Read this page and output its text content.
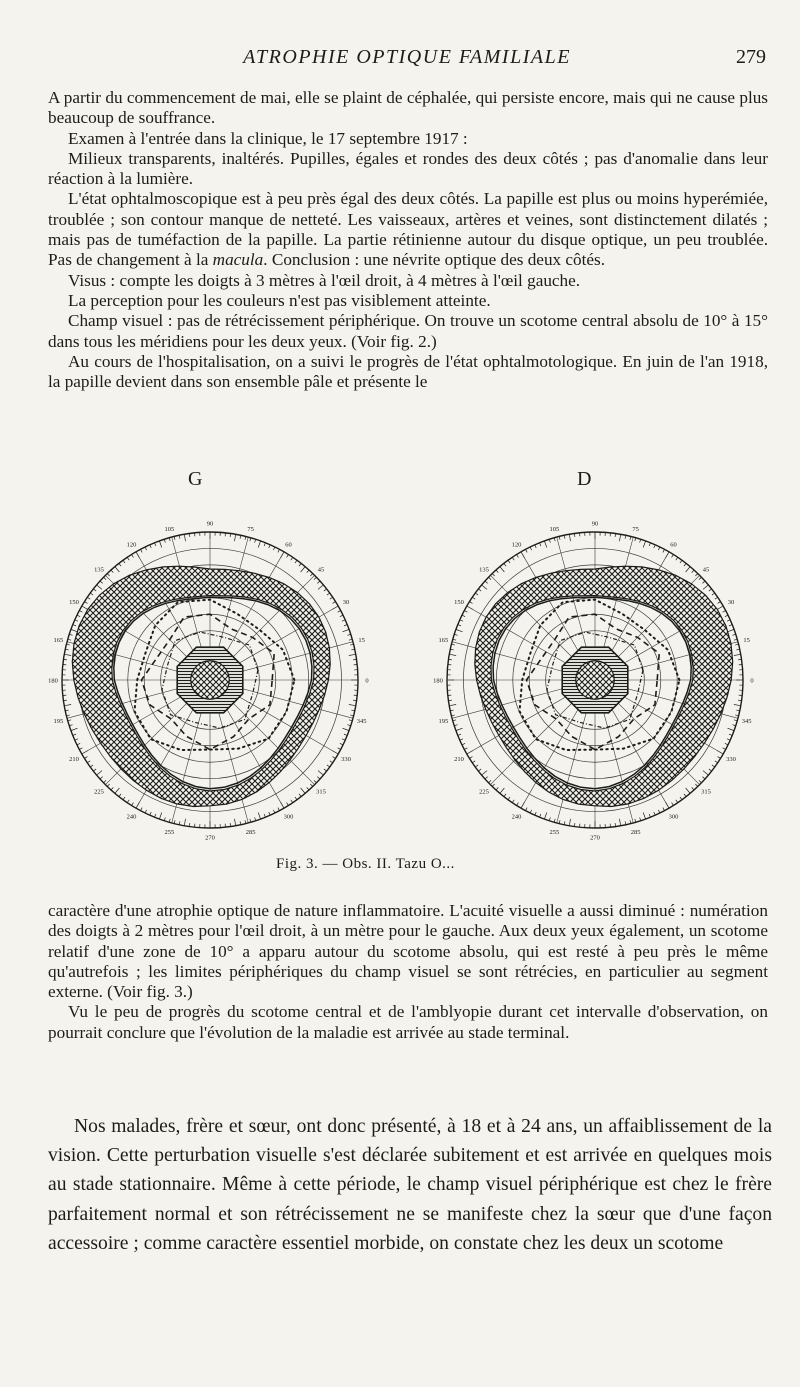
ATROPHIE OPTIQUE FAMILIALE	279

A partir du commencement de mai, elle se plaint de céphalée, qui persiste encore, mais qui ne cause plus beaucoup de souffrance.

Examen à l'entrée dans la clinique, le 17 septembre 1917 :

Milieux transparents, inaltérés. Pupilles, égales et rondes des deux côtés ; pas d'anomalie dans leur réaction à la lumière.

L'état ophtalmoscopique est à peu près égal des deux côtés. La papille est plus ou moins hyperémiée, troublée ; son contour manque de netteté. Les vaisseaux, artères et veines, sont distinctement dilatés ; mais pas de tuméfaction de la papille. La partie rétinienne autour du disque optique, un peu troublée. Pas de changement à la macula. Conclusion : une névrite optique des deux côtés.

Visus : compte les doigts à 3 mètres à l'œil droit, à 4 mètres à l'œil gauche.

La perception pour les couleurs n'est pas visiblement atteinte.

Champ visuel : pas de rétrécissement périphérique. On trouve un scotome central absolu de 10° à 15° dans tous les méridiens pour les deux yeux. (Voir fig. 2.)

Au cours de l'hospitalisation, on a suivi le progrès de l'état ophtalmotologique. En juin de l'an 1918, la papille devient dans son ensemble pâle et présente le

G	D
90
75
105
60
120
45
135
30
150
15
165
0
180
345
195
330
210
315
225
300
240
285
255
270
90
75
105
60
120
45
135
30
150
15
165
0
180
345
195
330
210
315
225
300
240
285
255
270
Fig. 3. — Obs. II. Tazu O...

caractère d'une atrophie optique de nature inflammatoire. L'acuité visuelle a aussi diminué : numération des doigts à 2 mètres pour l'œil droit, à un mètre pour le gauche. Aux deux yeux également, un scotome relatif d'une zone de 10° a apparu autour du scotome absolu, qui est resté à peu près le même qu'autrefois ; les limites périphériques du champ visuel se sont rétrécies, en particulier au segment externe. (Voir fig. 3.)

Vu le peu de progrès du scotome central et de l'amblyopie durant cet intervalle d'observation, on pourrait conclure que l'évolution de la maladie est arrivée au stade terminal.

Nos malades, frère et sœur, ont donc présenté, à 18 et à 24 ans, un affaiblissement de la vision. Cette perturbation visuelle s'est déclarée subitement et est arrivée en quelques mois au stade stationnaire. Même à cette période, le champ visuel périphérique est chez le frère parfaitement normal et son rétrécissement ne se manifeste chez la sœur que d'une façon accessoire ; comme caractère essentiel morbide, on constate chez les deux un scotome
